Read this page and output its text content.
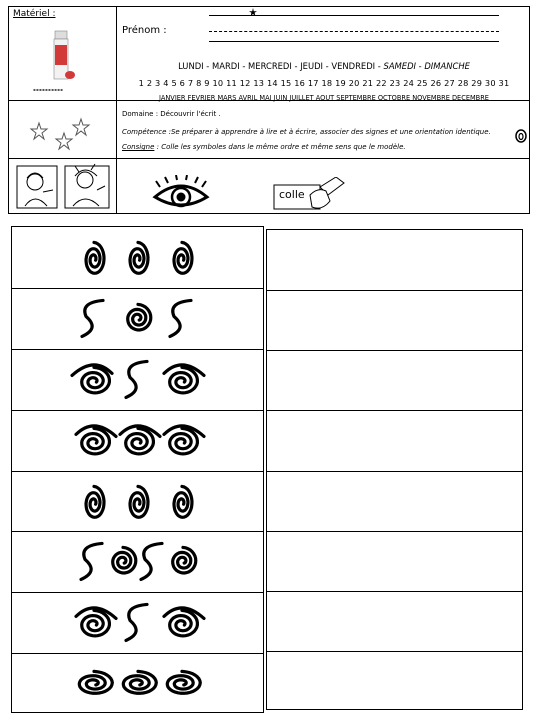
Matériel :
▪▪▪▪▪▪▪▪▪▪
Prénom :
LUNDI - MARDI - MERCREDI - JEUDI - VENDREDI - SAMEDI - DIMANCHE
1 2 3 4 5 6 7 8 9 10 11 12 13 14 15 16 17 18 19 20 21 22 23 24 25 26 27 28 29 30 31
JANVIER FEVRIER MARS AVRIL MAI JUIN JUILLET AOUT SEPTEMBRE OCTOBRE NOVEMBRE DECEMBRE
Domaine : Découvrir l'écrit .
Compétence :Se préparer à apprendre à lire et à écrire, associer des signes et une orientation identique.
Consigne : Colle les symboles dans le même ordre et même sens que le modèle.
colle
